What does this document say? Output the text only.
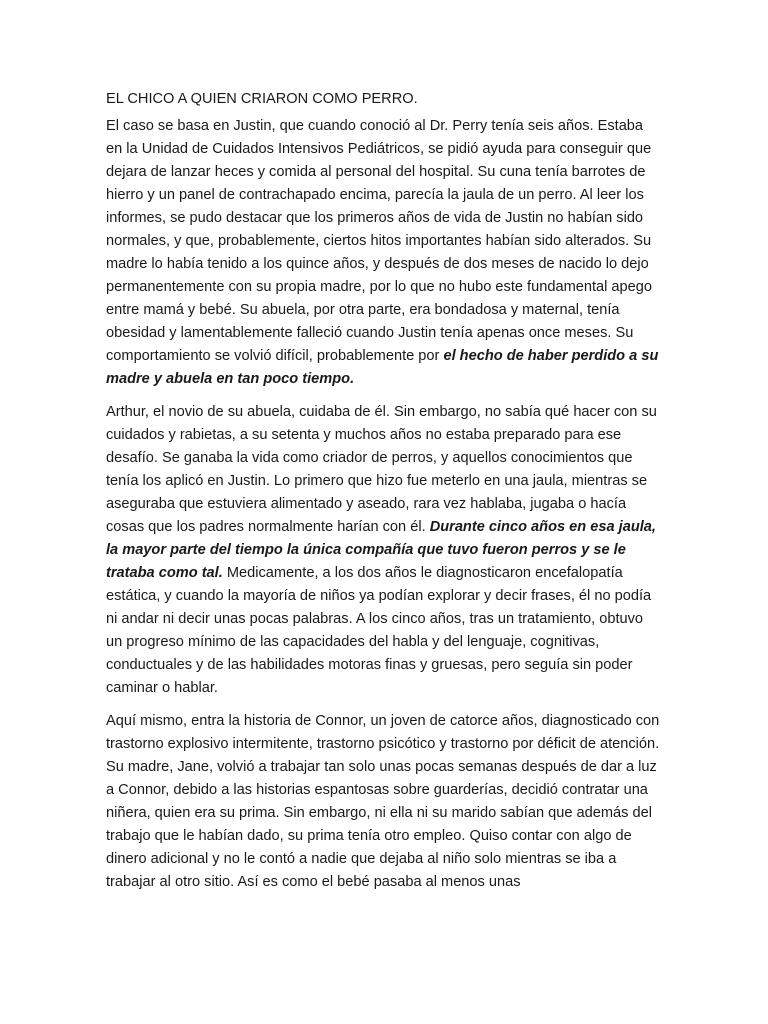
EL CHICO A QUIEN CRIARON COMO PERRO.

El caso se basa en Justin, que cuando conoció al Dr. Perry tenía seis años. Estaba en la Unidad de Cuidados Intensivos Pediátricos, se pidió ayuda para conseguir que dejara de lanzar heces y comida al personal del hospital. Su cuna tenía barrotes de hierro y un panel de contrachapado encima, parecía la jaula de un perro. Al leer los informes, se pudo destacar que los primeros años de vida de Justin no habían sido normales, y que, probablemente, ciertos hitos importantes habían sido alterados. Su madre lo había tenido a los quince años, y después de dos meses de nacido lo dejo permanentemente con su propia madre, por lo que no hubo este fundamental apego entre mamá y bebé. Su abuela, por otra parte, era bondadosa y maternal, tenía obesidad y lamentablemente falleció cuando Justin tenía apenas once meses. Su comportamiento se volvió difícil, probablemente por el hecho de haber perdido a su madre y abuela en tan poco tiempo.

Arthur, el novio de su abuela, cuidaba de él. Sin embargo, no sabía qué hacer con su cuidados y rabietas, a su setenta y muchos años no estaba preparado para ese desafío. Se ganaba la vida como criador de perros, y aquellos conocimientos que tenía los aplicó en Justin. Lo primero que hizo fue meterlo en una jaula, mientras se aseguraba que estuviera alimentado y aseado, rara vez hablaba, jugaba o hacía cosas que los padres normalmente harían con él. Durante cinco años en esa jaula, la mayor parte del tiempo la única compañía que tuvo fueron perros y se le trataba como tal. Medicamente, a los dos años le diagnosticaron encefalopatía estática, y cuando la mayoría de niños ya podían explorar y decir frases, él no podía ni andar ni decir unas pocas palabras. A los cinco años, tras un tratamiento, obtuvo un progreso mínimo de las capacidades del habla y del lenguaje, cognitivas, conductuales y de las habilidades motoras finas y gruesas, pero seguía sin poder caminar o hablar.

Aquí mismo, entra la historia de Connor, un joven de catorce años, diagnosticado con trastorno explosivo intermitente, trastorno psicótico y trastorno por déficit de atención. Su madre, Jane, volvió a trabajar tan solo unas pocas semanas después de dar a luz a Connor, debido a las historias espantosas sobre guarderías, decidió contratar una niñera, quien era su prima. Sin embargo, ni ella ni su marido sabían que además del trabajo que le habían dado, su prima tenía otro empleo. Quiso contar con algo de dinero adicional y no le contó a nadie que dejaba al niño solo mientras se iba a trabajar al otro sitio. Así es como el bebé pasaba al menos unas
